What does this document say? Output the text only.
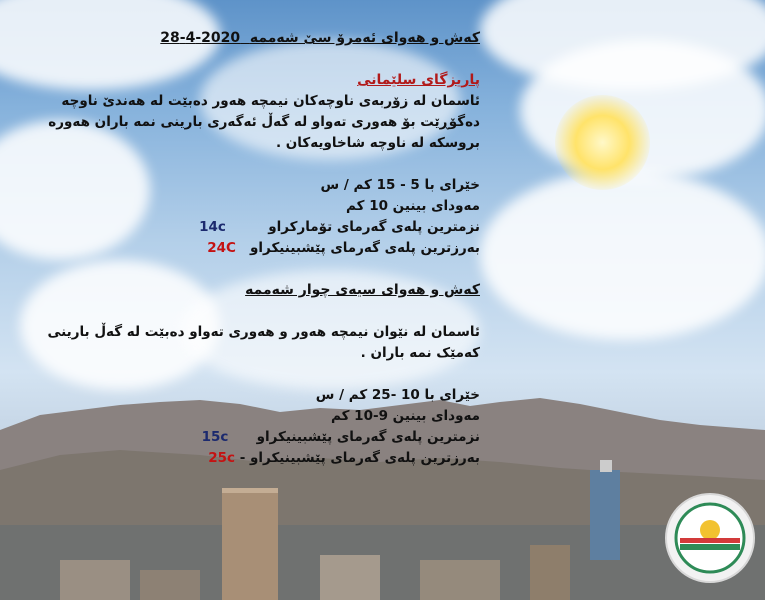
كەش و هەوای ئەمرۆ سێ شەممە  2020-4-28
پاریزگای سلێمانی
ئاسمان لە زۆربەی ناوچەکان نیمچە هەور دەبێت لە هەندێ ناوچە
دەگۆڕێت بۆ هەوری تەواو لە گەڵ ئەگەری بارینی نمە باران هەورە
بروسکە لە ناوچە شاخاویەکان .
خێرای با 5 - 15 کم / س
مەودای بینین 10 کم
نزمترین پلەی گەرمای تۆمارکراو         14c
بەرزترین پلەی گەرمای پێشبینیکراو   24C
کەش و هەوای سیەی چوار شەممە
ئاسمان لە نێوان نیمچە هەور و هەوری تەواو دەبێت لە گەڵ بارینی
کەمێک نمە باران .
خێرای با 10 -25 کم / س
مەودای بینین 9-10 کم
نزمترین پلەی گەرمای پێشبینیکراو      15c
بەرزترین پلەی گەرمای پێشبینیکراو - 25c
